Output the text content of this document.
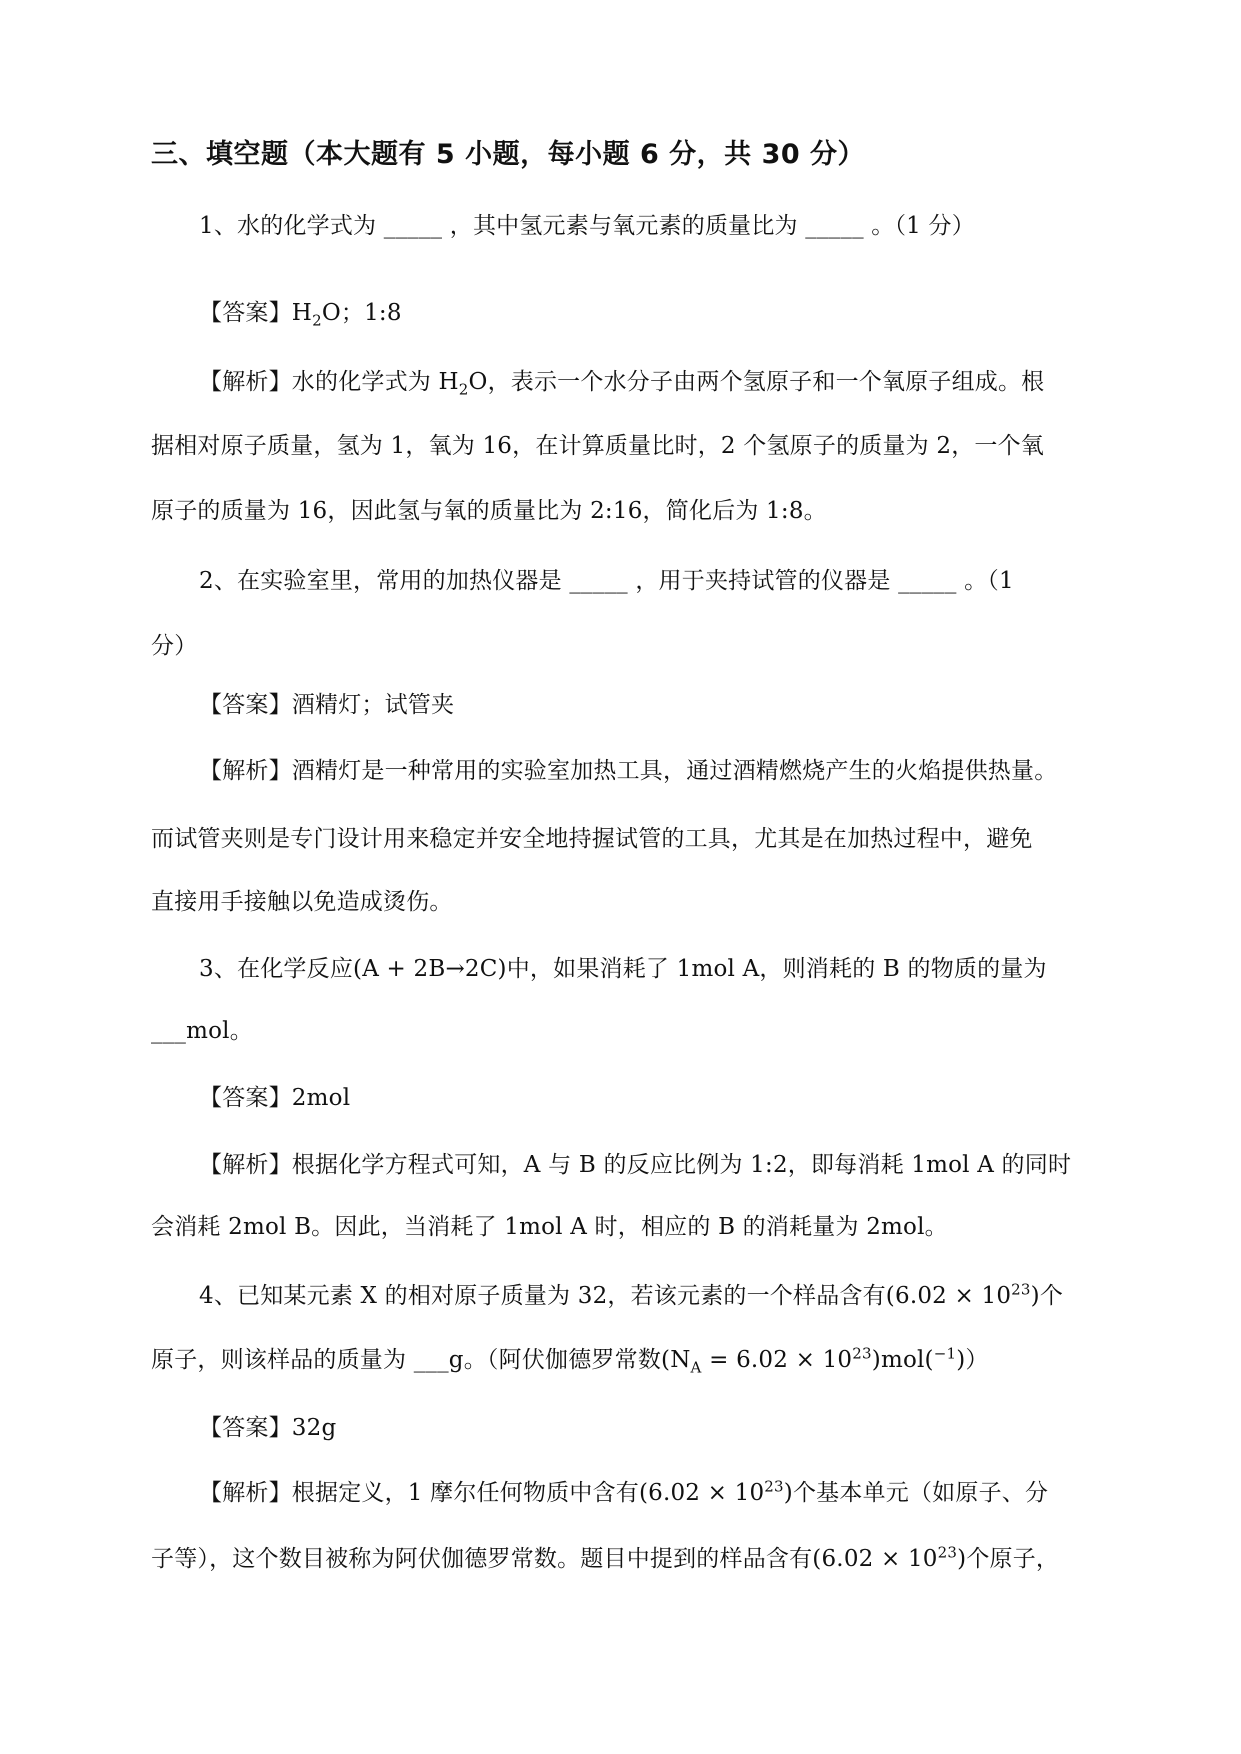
三、填空题（本大题有 5 小题，每小题 6 分，共 30 分）
1、水的化学式为 _____ ，其中氢元素与氧元素的质量比为 _____ 。（1 分）
【答案】$H_2O$；1:8
【解析】水的化学式为 $H_2O$，表示一个水分子由两个氢原子和一个氧原子组成。根
据相对原子质量，氢为 1，氧为 16，在计算质量比时，2 个氢原子的质量为 2，一个氧
原子的质量为 16，因此氢与氧的质量比为 2:16，简化后为 1:8。
2、在实验室里，常用的加热仪器是 _____ ，用于夹持试管的仪器是 _____ 。（1
分）
【答案】酒精灯；试管夹
【解析】酒精灯是一种常用的实验室加热工具，通过酒精燃烧产生的火焰提供热量。
而试管夹则是专门设计用来稳定并安全地持握试管的工具，尤其是在加热过程中，避免
直接用手接触以免造成烫伤。
3、在化学反应(A + 2B→2C)中，如果消耗了 1mol A，则消耗的 B 的物质的量为
___mol。
【答案】2mol
【解析】根据化学方程式可知，A 与 B 的反应比例为 1:2，即每消耗 1mol A 的同时
会消耗 2mol B。因此，当消耗了 1mol A 时，相应的 B 的消耗量为 2mol。
4、已知某元素 X 的相对原子质量为 32，若该元素的一个样品含有$(6.02 \times 10^{23})$个
原子，则该样品的质量为 ___g。（阿伏伽德罗常数$(N_A = 6.02 \times 10^{23})mol(^{-1})$）
【答案】32g
【解析】根据定义，1 摩尔任何物质中含有$(6.02 \times 10^{23})$个基本单元（如原子、分
子等），这个数目被称为阿伏伽德罗常数。题目中提到的样品含有$(6.02 \times 10^{23})$个原子，
